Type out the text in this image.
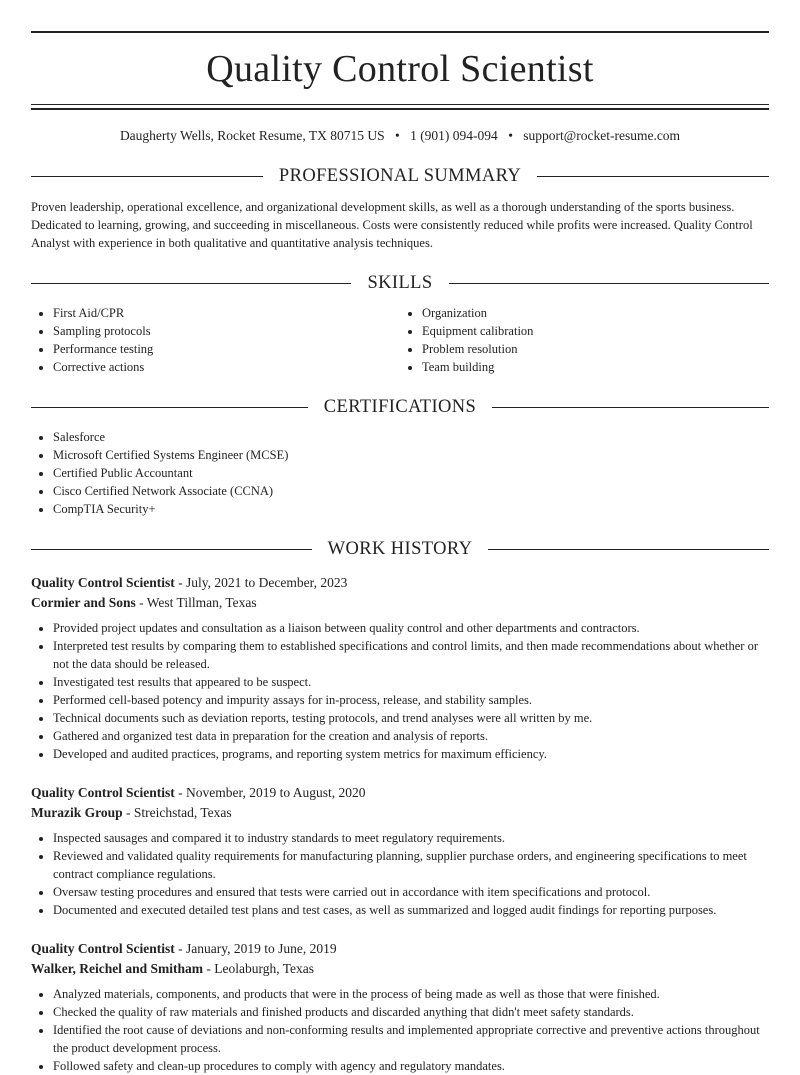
Quality Control Scientist
Daugherty Wells, Rocket Resume, TX 80715 US • 1 (901) 094-094 • support@rocket-resume.com
PROFESSIONAL SUMMARY
Proven leadership, operational excellence, and organizational development skills, as well as a thorough understanding of the sports business. Dedicated to learning, growing, and succeeding in miscellaneous. Costs were consistently reduced while profits were increased. Quality Control Analyst with experience in both qualitative and quantitative analysis techniques.
SKILLS
• First Aid/CPR
• Sampling protocols
• Performance testing
• Corrective actions
• Organization
• Equipment calibration
• Problem resolution
• Team building
CERTIFICATIONS
• Salesforce
• Microsoft Certified Systems Engineer (MCSE)
• Certified Public Accountant
• Cisco Certified Network Associate (CCNA)
• CompTIA Security+
WORK HISTORY
Quality Control Scientist - July, 2021 to December, 2023
Cormier and Sons - West Tillman, Texas
• Provided project updates and consultation as a liaison between quality control and other departments and contractors.
• Interpreted test results by comparing them to established specifications and control limits, and then made recommendations about whether or not the data should be released.
• Investigated test results that appeared to be suspect.
• Performed cell-based potency and impurity assays for in-process, release, and stability samples.
• Technical documents such as deviation reports, testing protocols, and trend analyses were all written by me.
• Gathered and organized test data in preparation for the creation and analysis of reports.
• Developed and audited practices, programs, and reporting system metrics for maximum efficiency.
Quality Control Scientist - November, 2019 to August, 2020
Murazik Group - Streichstad, Texas
• Inspected sausages and compared it to industry standards to meet regulatory requirements.
• Reviewed and validated quality requirements for manufacturing planning, supplier purchase orders, and engineering specifications to meet contract compliance regulations.
• Oversaw testing procedures and ensured that tests were carried out in accordance with item specifications and protocol.
• Documented and executed detailed test plans and test cases, as well as summarized and logged audit findings for reporting purposes.
Quality Control Scientist - January, 2019 to June, 2019
Walker, Reichel and Smitham - Leolaburgh, Texas
• Analyzed materials, components, and products that were in the process of being made as well as those that were finished.
• Checked the quality of raw materials and finished products and discarded anything that didn't meet safety standards.
• Identified the root cause of deviations and non-conforming results and implemented appropriate corrective and preventive actions throughout the product development process.
• Followed safety and clean-up procedures to comply with agency and regulatory mandates.
